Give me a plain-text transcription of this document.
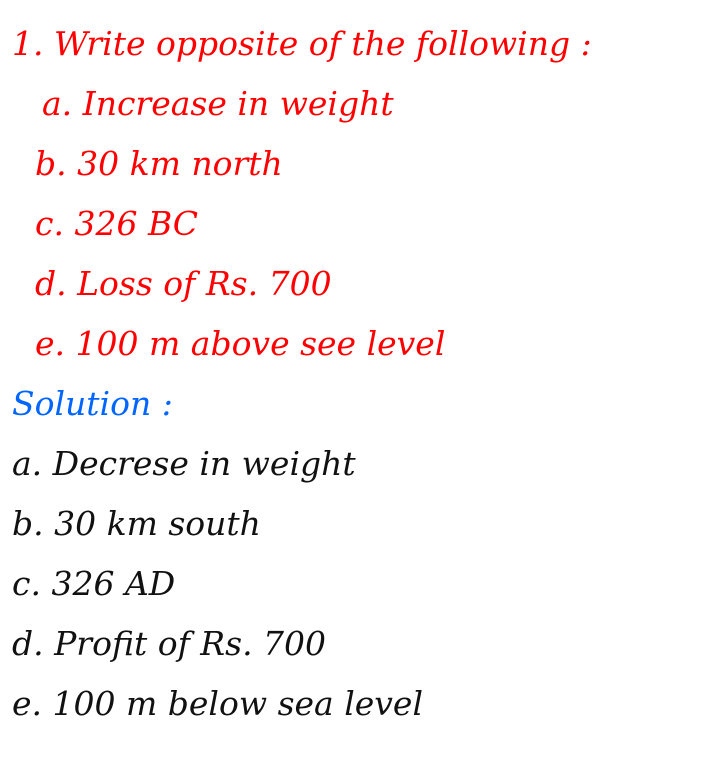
1. Write opposite of the following :
a. Increase in weight
b. 30 km north
c. 326 BC
d. Loss of Rs. 700
e. 100 m above see level
Solution :
a. Decrese in weight
b. 30 km south
c. 326 AD
d. Profit of Rs. 700
e. 100 m below sea level
